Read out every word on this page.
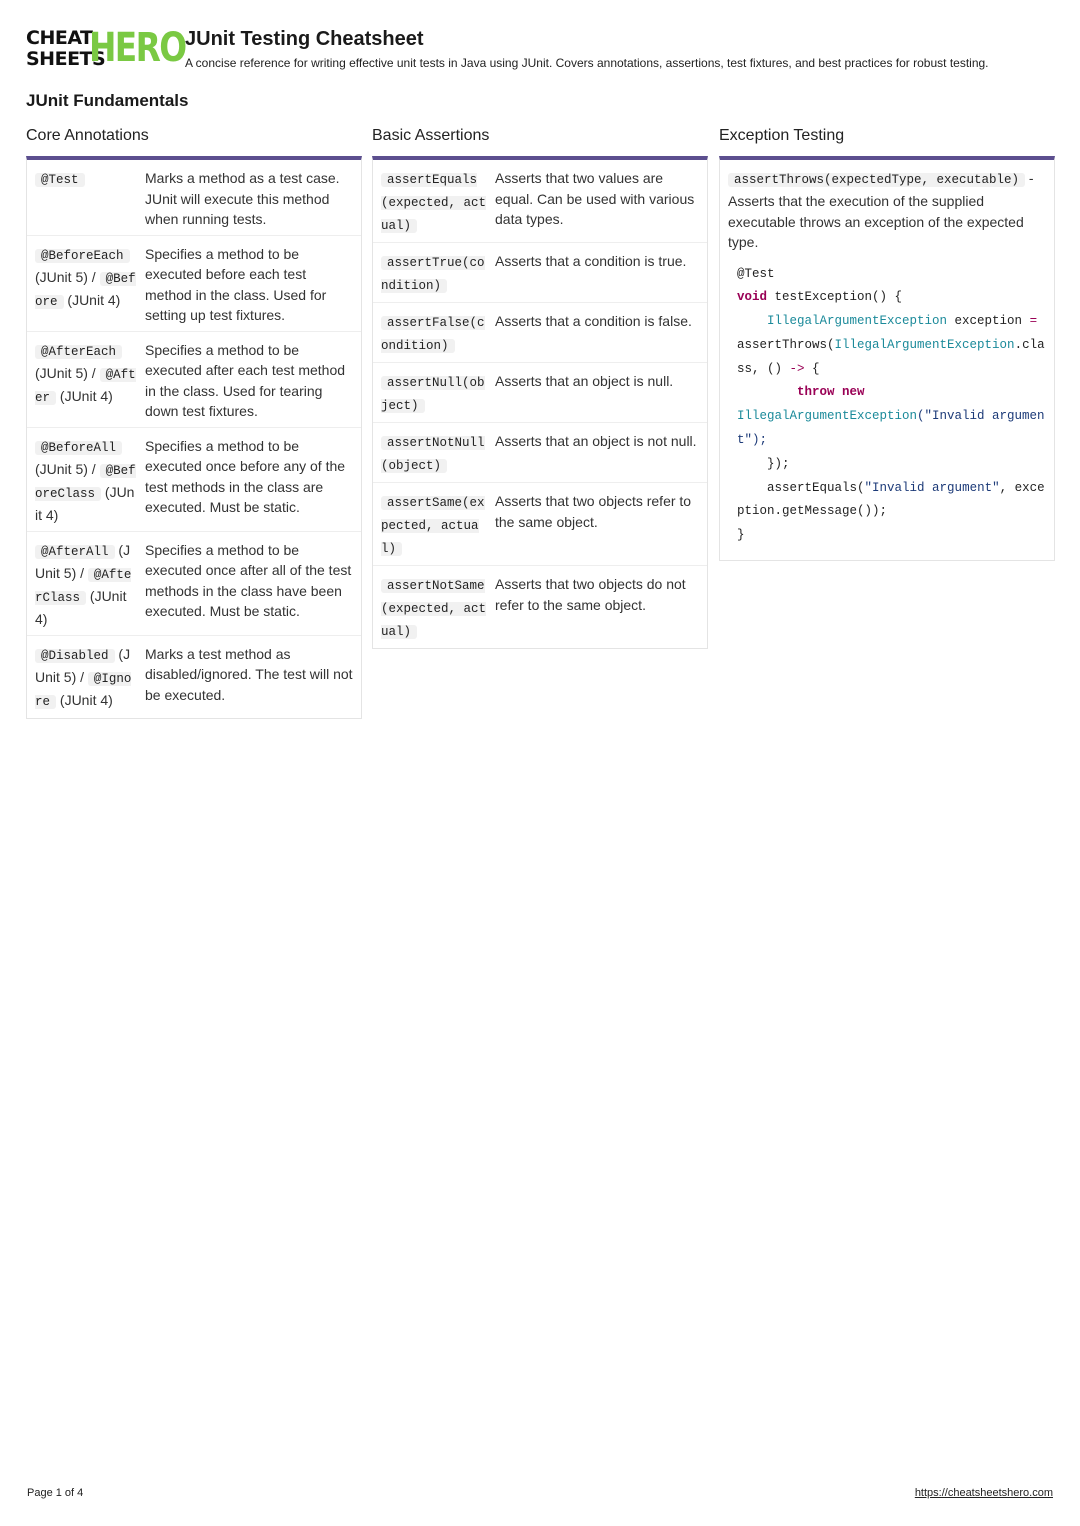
CHEAT
SHEETS
HERO JUnit Testing Cheatsheet
A concise reference for writing effective unit tests in Java using JUnit. Covers annotations, assertions, test fixtures, and best practices for robust testing.
JUnit Fundamentals
Core Annotations
@Test	Marks a method as a test case. JUnit will execute this method when running tests.
@BeforeEach (JUnit 5) / @Before (JUnit 4)
Specifies a method to be executed before each test method in the class. Used for setting up test fixtures.
@AfterEach (JUnit 5) / @After (JUnit 4)
Specifies a method to be executed after each test method in the class. Used for tearing down test fixtures.
@BeforeAll (JUnit 5) / @BeforeClass (JUnit 4)
Specifies a method to be executed once before any of the test methods in the class are executed. Must be static.
@AfterAll (JUnit 5) / @AfterClass (JUnit 4)
Specifies a method to be executed once after all of the test methods in the class have been executed. Must be static.
@Disabled (JUnit 5) / @Ignore (JUnit 4)
Marks a test method as disabled/ignored. The test will not be executed.
Basic Assertions
assertEquals(expected, actual)
Asserts that two values are equal. Can be used with various data types.
assertTrue(condition)
Asserts that a condition is true.
assertFalse(condition)
Asserts that a condition is false.
assertNull(object)
Asserts that an object is null.
assertNotNull(object)
Asserts that an object is not null.
assertSame(expected, actual)
Asserts that two objects refer to the same object.
assertNotSame(expected, actual)
Asserts that two objects do not refer to the same object.
Exception Testing
assertThrows(expectedType, executable) - Asserts that the execution of the supplied executable throws an exception of the expected type.
@Test
void testException() {
IllegalArgumentException exception =
assertThrows(IllegalArgumentException.class, () -> {
throw new
IllegalArgumentException("Invalid argument");
});
assertEquals("Invalid argument", exception.getMessage());
}
Page 1 of 4	https://cheatsheetshero.com
